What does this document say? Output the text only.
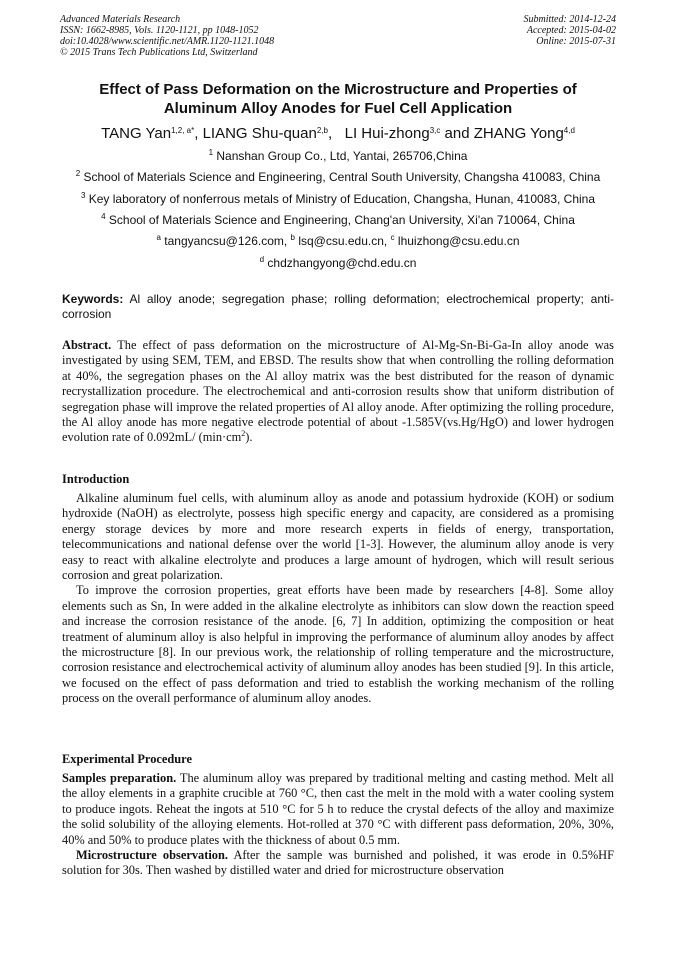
Advanced Materials Research
ISSN: 1662-8985, Vols. 1120-1121, pp 1048-1052
doi:10.4028/www.scientific.net/AMR.1120-1121.1048
© 2015 Trans Tech Publications Ltd, Switzerland
Submitted: 2014-12-24
Accepted: 2015-04-02
Online: 2015-07-31
Effect of Pass Deformation on the Microstructure and Properties of
Aluminum Alloy Anodes for Fuel Cell Application
TANG Yan$^{1,2, a*}$, LIANG Shu-quan$^{2,b}$,   LI Hui-zhong$^{3,c}$ and ZHANG Yong$^{4,d}$
$^1$ Nanshan Group Co., Ltd, Yantai, 265706,China
$^2$ School of Materials Science and Engineering, Central South University, Changsha 410083, China
$^3$ Key laboratory of nonferrous metals of Ministry of Education, Changsha, Hunan, 410083, China
$^4$ School of Materials Science and Engineering, Chang'an University, Xi'an 710064, China
$^a$ tangyancsu@126.com, $^b$ lsq@csu.edu.cn, $^c$ lhuizhong@csu.edu.cn
$^d$ chdzhangyong@chd.edu.cn
Keywords: Al alloy anode; segregation phase; rolling deformation; electrochemical property; anti-corrosion

Abstract. The effect of pass deformation on the microstructure of Al-Mg-Sn-Bi-Ga-In alloy anode was investigated by using SEM, TEM, and EBSD. The results show that when controlling the rolling deformation at 40%, the segregation phases on the Al alloy matrix was the best distributed for the reason of dynamic recrystallization procedure. The electrochemical and anti-corrosion results show that uniform distribution of segregation phase will improve the related properties of Al alloy anode. After optimizing the rolling procedure, the Al alloy anode has more negative electrode potential of about -1.585V(vs.Hg/HgO) and lower hydrogen evolution rate of 0.092mL/ $(\min\cdot cm^2)$.

Introduction

Alkaline aluminum fuel cells, with aluminum alloy as anode and potassium hydroxide (KOH) or sodium hydroxide (NaOH) as electrolyte, possess high specific energy and capacity, are considered as a promising energy storage devices by more and more research experts in fields of energy, transportation, telecommunications and national defense over the world [1-3]. However, the aluminum alloy anode is very easy to react with alkaline electrolyte and produces a large amount of hydrogen, which will result serious corrosion and great polarization.

To improve the corrosion properties, great efforts have been made by researchers [4-8]. Some alloy elements such as Sn, In were added in the alkaline electrolyte as inhibitors can slow down the reaction speed and increase the corrosion resistance of the anode. [6, 7] In addition, optimizing the composition or heat treatment of aluminum alloy is also helpful in improving the performance of aluminum alloy anodes by affect the microstructure [8]. In our previous work, the relationship of rolling temperature and the microstructure, corrosion resistance and electrochemical activity of aluminum alloy anodes has been studied [9]. In this article, we focused on the effect of pass deformation and tried to establish the working mechanism of the rolling process on the overall performance of aluminum alloy anodes.

Experimental Procedure

Samples preparation. The aluminum alloy was prepared by traditional melting and casting method. Melt all the alloy elements in a graphite crucible at 760 °C, then cast the melt in the mold with a water cooling system to produce ingots. Reheat the ingots at 510 °C for 5 h to reduce the crystal defects of the alloy and maximize the solid solubility of the alloying elements. Hot-rolled at 370 °C with different pass deformation, 20%, 30%, 40% and 50% to produce plates with the thickness of about 0.5 mm.

Microstructure observation. After the sample was burnished and polished, it was erode in 0.5%HF solution for 30s. Then washed by distilled water and dried for microstructure observation
